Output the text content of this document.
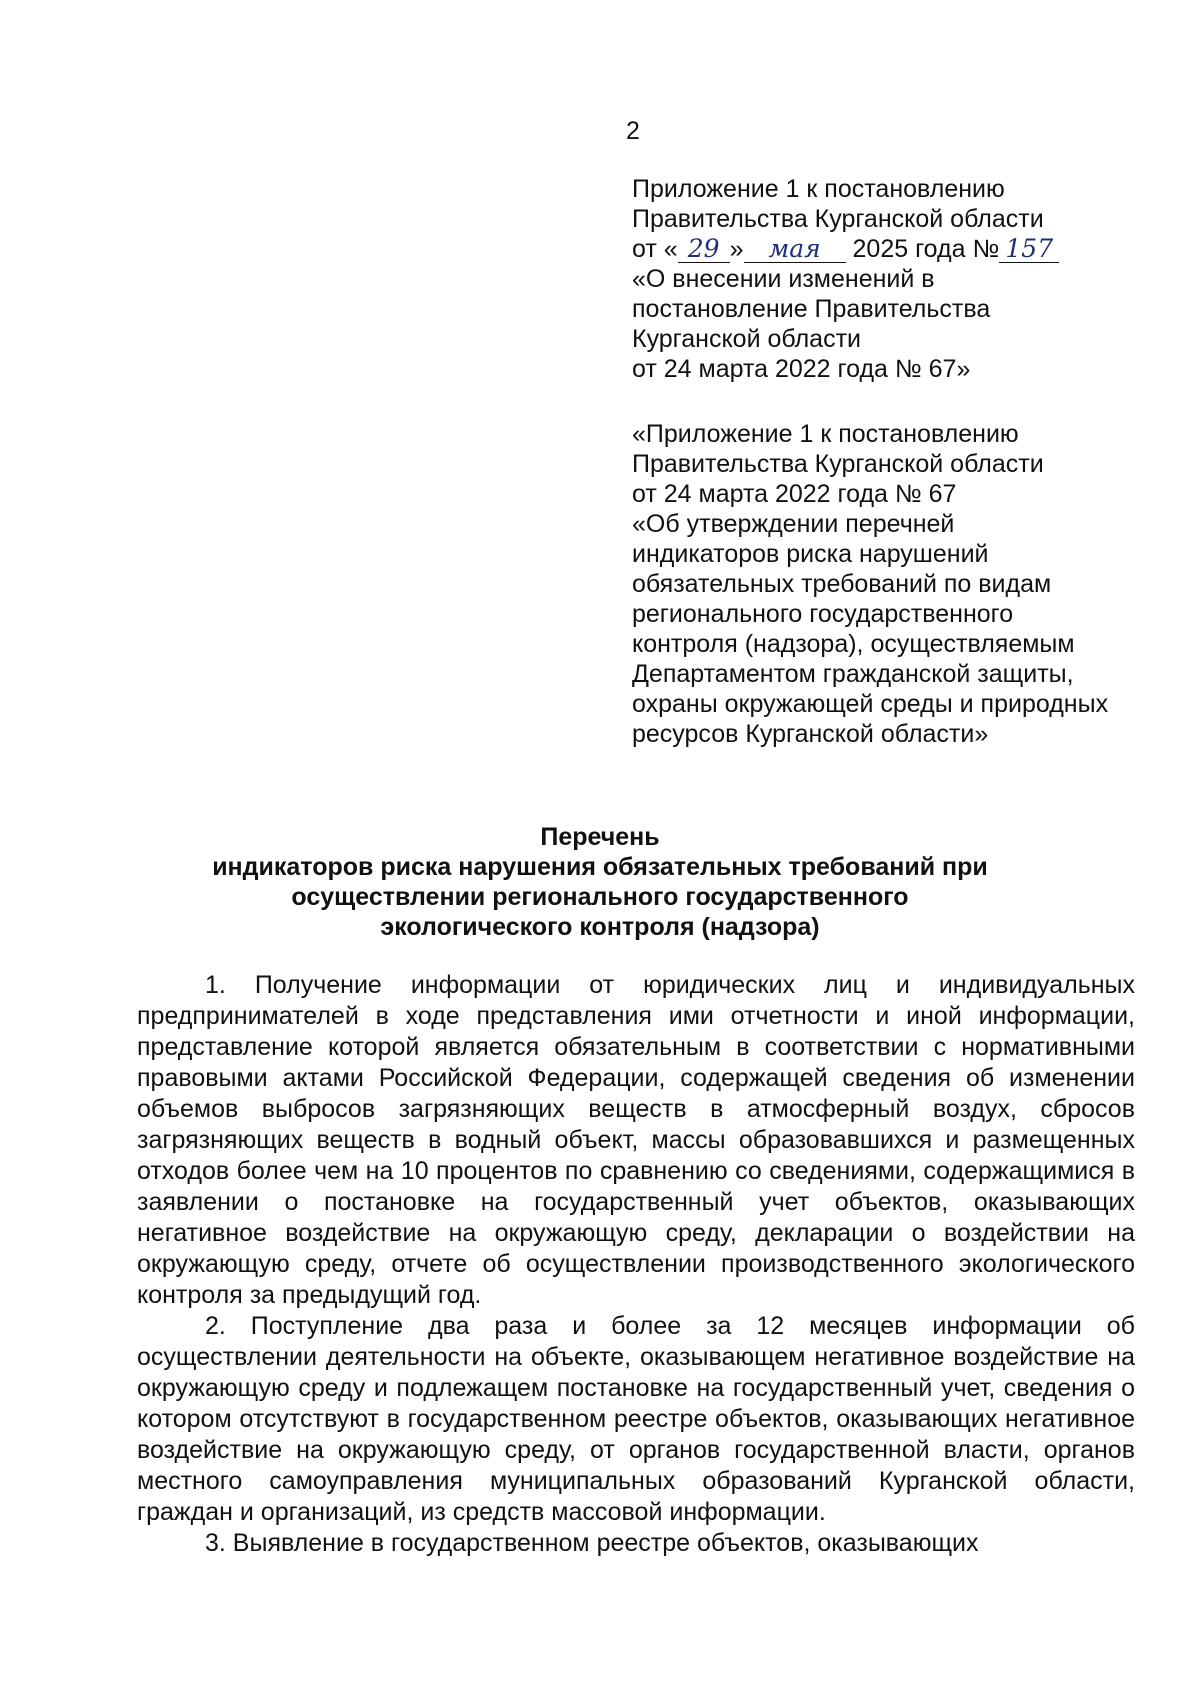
2
Приложение 1 к постановлению
Правительства Курганской области
от « 29 » мая 2025 года № 157
«О внесении изменений в
постановление Правительства
Курганской области
от 24 марта 2022 года № 67»
«Приложение 1 к постановлению
Правительства Курганской области
от 24 марта 2022 года № 67
«Об утверждении перечней
индикаторов риска нарушений
обязательных требований по видам
регионального государственного
контроля (надзора), осуществляемым
Департаментом гражданской защиты,
охраны окружающей среды и природных
ресурсов Курганской области»
Перечень
индикаторов риска нарушения обязательных требований при
осуществлении регионального государственного
экологического контроля (надзора)

1. Получение информации от юридических лиц и индивидуальных предпринимателей в ходе представления ими отчетности и иной информации, представление которой является обязательным в соответствии с нормативными правовыми актами Российской Федерации, содержащей сведения об изменении объемов выбросов загрязняющих веществ в атмосферный воздух, сбросов загрязняющих веществ в водный объект, массы образовавшихся и размещенных отходов более чем на 10 процентов по сравнению со сведениями, содержащимися в заявлении о постановке на государственный учет объектов, оказывающих негативное воздействие на окружающую среду, декларации о воздействии на окружающую среду, отчете об осуществлении производственного экологического контроля за предыдущий год.

2. Поступление два раза и более за 12 месяцев информации об осуществлении деятельности на объекте, оказывающем негативное воздействие на окружающую среду и подлежащем постановке на государственный учет, сведения о котором отсутствуют в государственном реестре объектов, оказывающих негативное воздействие на окружающую среду, от органов государственной власти, органов местного самоуправления муниципальных образований Курганской области, граждан и организаций, из средств массовой информации.

3. Выявление в государственном реестре объектов, оказывающих
